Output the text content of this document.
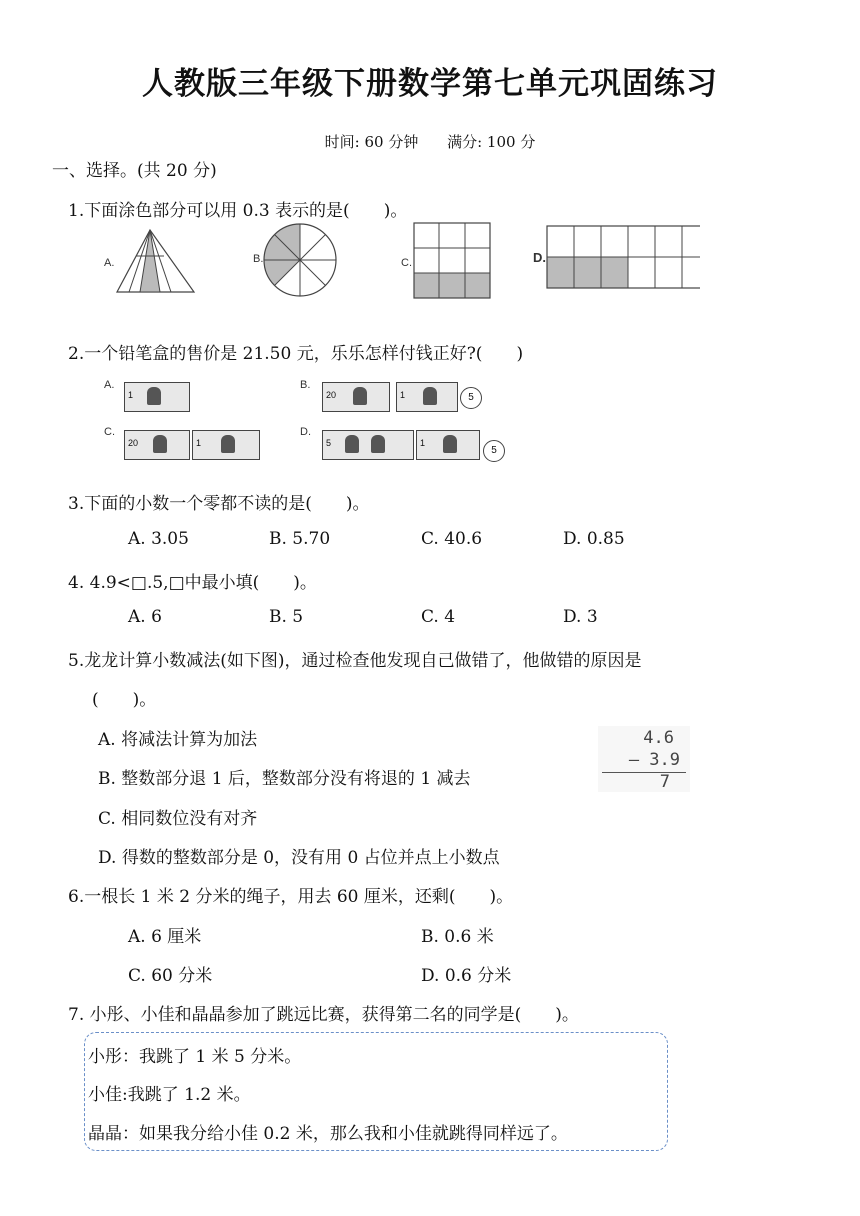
人教版三年级下册数学第七单元巩固练习
时间: 60 分钟 满分: 100 分
一、选择。(共 20 分)
1.下面涂色部分可以用 0.3 表示的是(　　)。
A.	B.	C.	D.
2.一个铅笔盒的售价是 21.50 元，乐乐怎样付钱正好?(　　)
A.
1
B.
20	1	5
C.
20	1
D.
5	1
5
3.下面的小数一个零都不读的是(　　)。
A. 3.05	B. 5.70	C. 40.6	D. 0.85
4. 4.9<□.5,□中最小填(　　)。
A. 6	B. 5	C. 4	D. 3
5.龙龙计算小数减法(如下图)，通过检查他发现自己做错了，他做错的原因是
(　　)。
A. 将减法计算为加法
B. 整数部分退 1 后，整数部分没有将退的 1 减去
C. 相同数位没有对齐
D. 得数的整数部分是 0，没有用 0 占位并点上小数点
4.6
— 3.9
7
6.一根长 1 米 2 分米的绳子，用去 60 厘米，还剩(　　)。
A. 6 厘米	B. 0.6 米
C. 60 分米	D. 0.6 分米
7. 小彤、小佳和晶晶参加了跳远比赛，获得第二名的同学是(　　)。
小彤：我跳了 1 米 5 分米。
小佳:我跳了 1.2 米。
晶晶：如果我分给小佳 0.2 米，那么我和小佳就跳得同样远了。
